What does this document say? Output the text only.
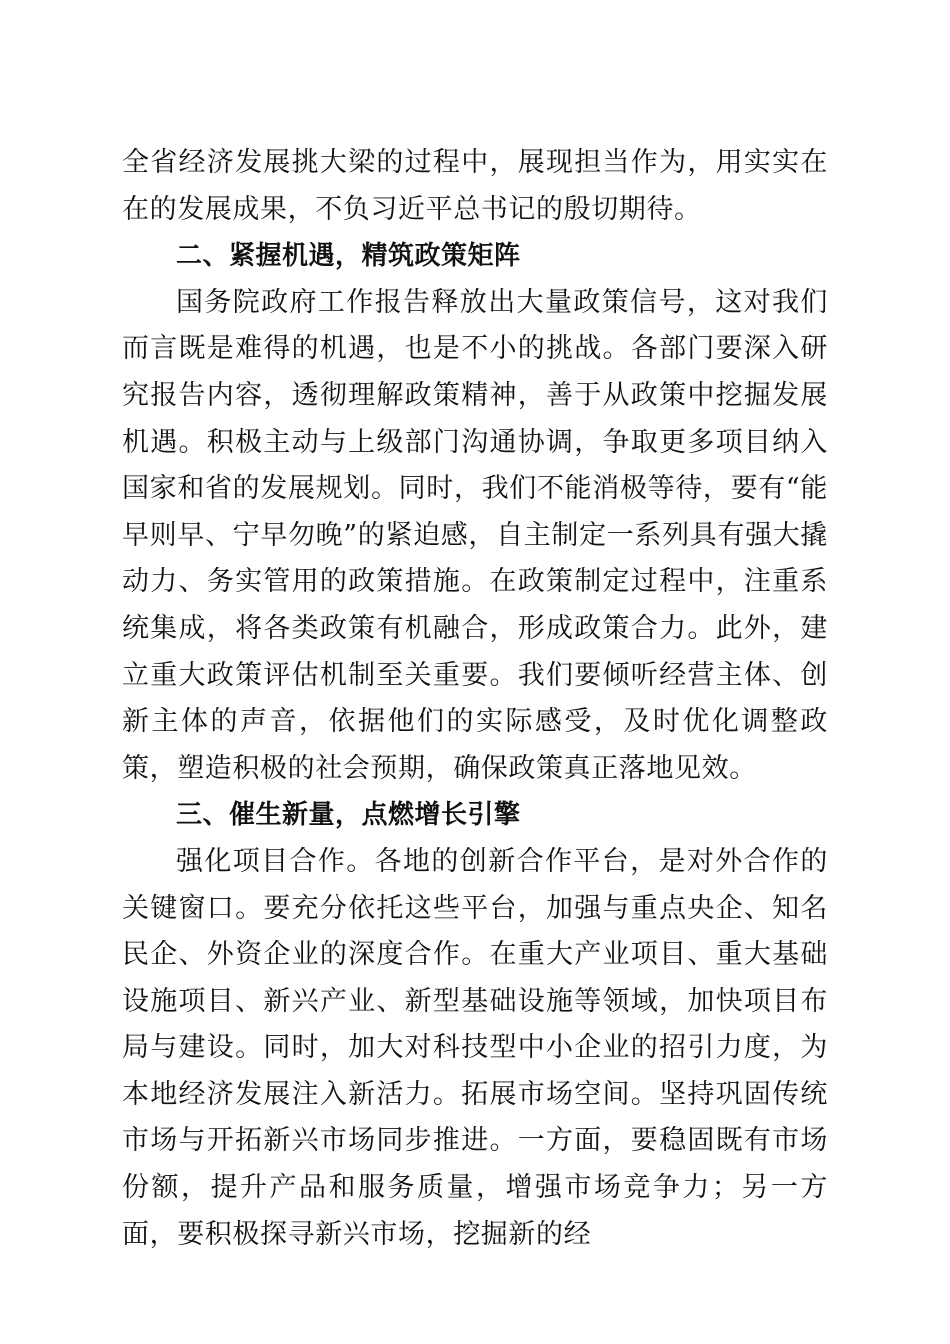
全省经济发展挑大梁的过程中，展现担当作为，用实实在在的发展成果，不负习近平总书记的殷切期待。

二、紧握机遇，精筑政策矩阵

国务院政府工作报告释放出大量政策信号，这对我们而言既是难得的机遇，也是不小的挑战。各部门要深入研究报告内容，透彻理解政策精神，善于从政策中挖掘发展机遇。积极主动与上级部门沟通协调，争取更多项目纳入国家和省的发展规划。同时，我们不能消极等待，要有“能早则早、宁早勿晚”的紧迫感，自主制定一系列具有强大撬动力、务实管用的政策措施。在政策制定过程中，注重系统集成，将各类政策有机融合，形成政策合力。此外，建立重大政策评估机制至关重要。我们要倾听经营主体、创新主体的声音，依据他们的实际感受，及时优化调整政策，塑造积极的社会预期，确保政策真正落地见效。

三、催生新量，点燃增长引擎

强化项目合作。各地的创新合作平台，是对外合作的关键窗口。要充分依托这些平台，加强与重点央企、知名民企、外资企业的深度合作。在重大产业项目、重大基础设施项目、新兴产业、新型基础设施等领域，加快项目布局与建设。同时，加大对科技型中小企业的招引力度，为本地经济发展注入新活力。拓展市场空间。坚持巩固传统市场与开拓新兴市场同步推进。一方面，要稳固既有市场份额，提升产品和服务质量，增强市场竞争力；另一方面，要积极探寻新兴市场，挖掘新的经
